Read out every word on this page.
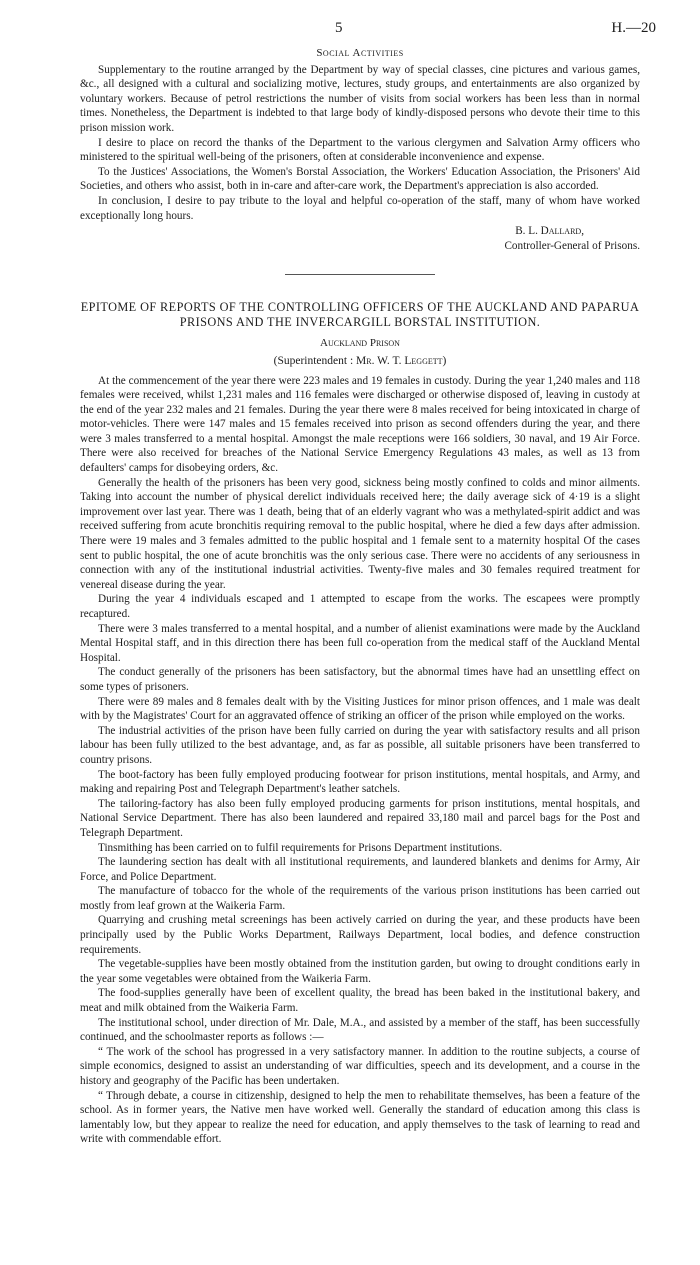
5	H.—20
Social Activities

Supplementary to the routine arranged by the Department by way of special classes, cine pictures and various games, &c., all designed with a cultural and socializing motive, lectures, study groups, and entertainments are also organized by voluntary workers. Because of petrol restrictions the number of visits from social workers has been less than in normal times. Nonetheless, the Department is indebted to that large body of kindly-disposed persons who devote their time to this prison mission work.

I desire to place on record the thanks of the Department to the various clergymen and Salvation Army officers who ministered to the spiritual well-being of the prisoners, often at considerable inconvenience and expense.

To the Justices' Associations, the Women's Borstal Association, the Workers' Education Association, the Prisoners' Aid Societies, and others who assist, both in in-care and after-care work, the Department's appreciation is also accorded.

In conclusion, I desire to pay tribute to the loyal and helpful co-operation of the staff, many of whom have worked exceptionally long hours.

B. L. Dallard,
Controller-General of Prisons.
EPITOME OF REPORTS OF THE CONTROLLING OFFICERS OF THE AUCKLAND AND PAPARUA PRISONS AND THE INVERCARGILL BORSTAL INSTITUTION.
Auckland Prison
(Superintendent : Mr. W. T. Leggett)

At the commencement of the year there were 223 males and 19 females in custody. During the year 1,240 males and 118 females were received, whilst 1,231 males and 116 females were discharged or otherwise disposed of, leaving in custody at the end of the year 232 males and 21 females. During the year there were 8 males received for being intoxicated in charge of motor-vehicles. There were 147 males and 15 females received into prison as second offenders during the year, and there were 3 males transferred to a mental hospital. Amongst the male receptions were 166 soldiers, 30 naval, and 19 Air Force. There were also received for breaches of the National Service Emergency Regulations 43 males, as well as 13 from defaulters' camps for disobeying orders, &c.

Generally the health of the prisoners has been very good, sickness being mostly confined to colds and minor ailments. Taking into account the number of physical derelict individuals received here; the daily average sick of 4·19 is a slight improvement over last year. There was 1 death, being that of an elderly vagrant who was a methylated-spirit addict and was received suffering from acute bronchitis requiring removal to the public hospital, where he died a few days after admission. There were 19 males and 3 females admitted to the public hospital and 1 female sent to a maternity hospital Of the cases sent to public hospital, the one of acute bronchitis was the only serious case. There were no accidents of any seriousness in connection with any of the institutional industrial activities. Twenty-five males and 30 females required treatment for venereal disease during the year.

During the year 4 individuals escaped and 1 attempted to escape from the works. The escapees were promptly recaptured.

There were 3 males transferred to a mental hospital, and a number of alienist examinations were made by the Auckland Mental Hospital staff, and in this direction there has been full co-operation from the medical staff of the Auckland Mental Hospital.

The conduct generally of the prisoners has been satisfactory, but the abnormal times have had an unsettling effect on some types of prisoners.

There were 89 males and 8 females dealt with by the Visiting Justices for minor prison offences, and 1 male was dealt with by the Magistrates' Court for an aggravated offence of striking an officer of the prison while employed on the works.

The industrial activities of the prison have been fully carried on during the year with satisfactory results and all prison labour has been fully utilized to the best advantage, and, as far as possible, all suitable prisoners have been transferred to country prisons.

The boot-factory has been fully employed producing footwear for prison institutions, mental hospitals, and Army, and making and repairing Post and Telegraph Department's leather satchels.

The tailoring-factory has also been fully employed producing garments for prison institutions, mental hospitals, and National Service Department. There has also been laundered and repaired 33,180 mail and parcel bags for the Post and Telegraph Department.

Tinsmithing has been carried on to fulfil requirements for Prisons Department institutions.

The laundering section has dealt with all institutional requirements, and laundered blankets and denims for Army, Air Force, and Police Department.

The manufacture of tobacco for the whole of the requirements of the various prison institutions has been carried out mostly from leaf grown at the Waikeria Farm.

Quarrying and crushing metal screenings has been actively carried on during the year, and these products have been principally used by the Public Works Department, Railways Department, local bodies, and defence construction requirements.

The vegetable-supplies have been mostly obtained from the institution garden, but owing to drought conditions early in the year some vegetables were obtained from the Waikeria Farm.

The food-supplies generally have been of excellent quality, the bread has been baked in the institutional bakery, and meat and milk obtained from the Waikeria Farm.

The institutional school, under direction of Mr. Dale, M.A., and assisted by a member of the staff, has been successfully continued, and the schoolmaster reports as follows :—

“ The work of the school has progressed in a very satisfactory manner. In addition to the routine subjects, a course of simple economics, designed to assist an understanding of war difficulties, speech and its development, and a course in the history and geography of the Pacific has been undertaken.

“ Through debate, a course in citizenship, designed to help the men to rehabilitate themselves, has been a feature of the school. As in former years, the Native men have worked well. Generally the standard of education among this class is lamentably low, but they appear to realize the need for education, and apply themselves to the task of learning to read and write with commendable effort.
